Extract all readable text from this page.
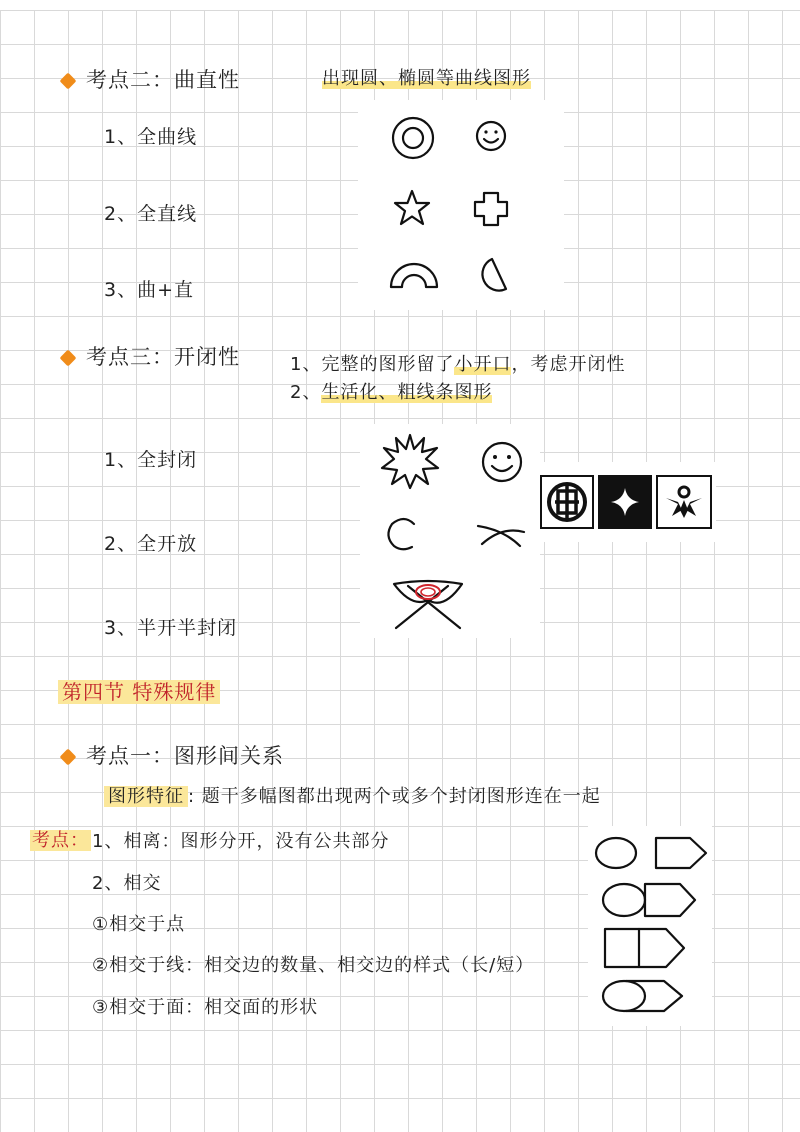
考点二：曲直性	出现圆、椭圆等曲线图形
1、全曲线
2、全直线
3、曲+直
考点三：开闭性	1、完整的图形留了小开口，考虑开闭性
2、生活化、粗线条图形
1、全封闭
2、全开放
3、半开半封闭
第四节 特殊规律
考点一：图形间关系
图形特征 : 题干多幅图都出现两个或多个封闭图形连在一起
考点： 1、相离：图形分开，没有公共部分
2、相交
①相交于点
②相交于线：相交边的数量、相交边的样式（长/短）
③相交于面：相交面的形状
